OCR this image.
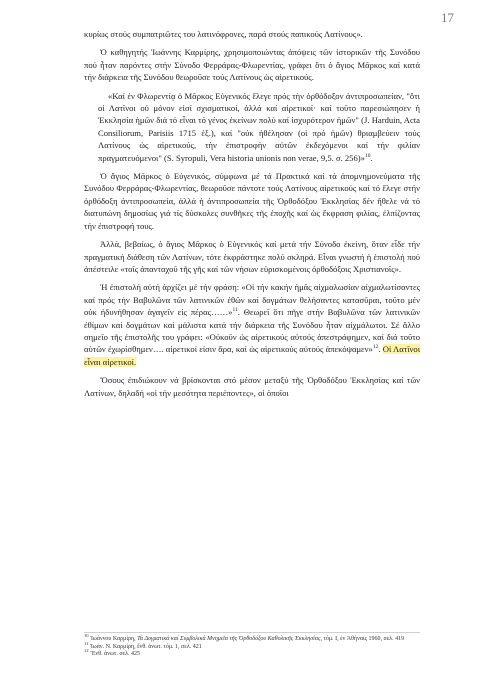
17

κυρίως στούς συμπατριῶτες του λατινόφρονες, παρά στούς παπικούς Λατίνους».

Ὁ καθηγητής Ἰωάννης Καρμίρης, χρησιμοποιώντας ἀπόψεις τῶν ἱστορικῶν τῆς Συνόδου πού ἦταν παρόντες στήν Σύνοδο Φερράρας-Φλωρεντίας, γράφει ὅτι ὁ ἅγιος Μᾶρκος καί κατά τήν διάρκεια τῆς Συνόδου θεωροῦσε τούς Λατίνους ὡς αἱρετικούς.

«Καί ἐν Φλωρεντίᾳ ὁ Μᾶρκος Εὐγενικός ἔλεγε πρός τὴν ὀρθόδοξον ἀντιπροσωπείαν, "ὅτι οἱ Λατῖνοι οὐ μόνον εἰσί σχισματικοί, ἀλλά καί αἱρετικοί· καί τοῦτο παρεσιώπησεν ἡ Ἐκκλησία ἡμῶν διά τό εἶναι τό γένος ἐκείνων πολύ καί ἰσχυρότερον ἡμῶν" (J. Harduin, Acta Consiliorum, Parisiis 1715 ἑξ.), καί "οὐκ ἠθέλησαν (οἱ πρό ἡμῶν) θριαμβεύειν τούς Λατίνους ὡς αἱρετικούς, τὴν ἐπιστροφὴν αὐτῶν ἐκδεχόμενοι καί τήν φιλίαν πραγματευόμενοι" (S. Syropuli, Vera historia unionis non verae, 9,5. σ. 256)»$^{10}$.

Ὁ ἅγιος Μᾶρκος ὁ Εὐγενικός, σύμφωνα μέ τά Πρακτικά καί τά ἀπομνημονεύματα τῆς Συνόδου Φερράρας-Φλωρεντίας, θεωροῦσε πάντοτε τούς Λατίνους αἱρετικούς καί τό ἔλεγε στήν ὀρθόδοξη ἀντιπροσωπεία, ἀλλά ἡ ἀντιπροσωπεία τῆς Ὀρθοδόξου Ἐκκλησίας δέν ἤθελε νά τό διατυπώνη δημοσίως γιά τίς δύσκολες συνθῆκες τῆς ἐποχῆς καί ὡς ἔκφραση φιλίας, ἐλπίζοντας τήν ἐπιστροφή τους.

Ἀλλά, βεβαίως, ὁ ἅγιος Μᾶρκος ὁ Εὐγενικός καί μετά τήν Σύνοδο ἐκείνη, ὅταν εἶδε τήν πραγματική διάθεση τῶν Λατίνων, τότε ἐκφράστηκε πολύ σκληρά. Εἶναι γνωστή ἡ ἐπιστολή πού ἀπέστειλε «τοῖς ἁπανταχοῦ τῆς γῆς καί τῶν νήσων εὑρισκομένοις ὀρθοδόξοις Χριστιανοῖς».

Ἡ ἐπιστολή αὐτή ἀρχίζει μέ τήν φράση: «Οἱ τήν κακήν ἡμᾶς αἰχμαλωσίαν αἰχμαλωτίσαντες καί πρός τήν Βαβυλῶνα τῶν λατινικῶν ἐθῶν καί δογμάτων θελήσαντες κατασῦραι, τοῦτο μέν οὐκ ἠδυνήθησαν ἀγαγεῖν εἰς πέρας……»$^{11}$. Θεωρεῖ ὅτι πῆγε στήν Βαβυλῶνα τῶν λατινικῶν ἐθίμων καί δογμάτων καί μάλιστα κατά τήν διάρκεια τῆς Συνόδου ἦταν αἰχμάλωτοι. Σέ ἄλλο σημεῖο τῆς ἐπιστολῆς του γράφει: «Οὐκοῦν ὡς αἱρετικούς αὐτούς ἀπεστράφημεν, καί διά τοῦτο αὐτῶν ἐχωρίσθημεν…. αἱρετικοί εἰσιν ἄρα, καί ὡς αἱρετικούς αὐτούς ἀπεκόψαμεν»$^{12}$. Οἱ Λατῖνοι εἶναι αἱρετικοί.

Ὅσους ἐπιδιώκουν νά βρίσκονται στό μέσον μεταξύ τῆς Ὀρθοδόξου Ἐκκλησίας καί τῶν Λατίνων, δηλαδή «οἱ τήν μεσότητα περιέποντες», οἱ ὁποῖοι

$^{10}$ Ἰωάννου Καρμίρη, Τά Δογματικά καί Συμβολικά Μνημεῖα τῆς Ὀρθοδόξου Καθολικῆς Ἐκκλησίας, τόμ. Ι, ἐν Ἀθήναις 1960, σελ. 419
$^{11}$ Ἰωάν. Ν. Καρμίρη, ἔνθ. ἀνωτ. τόμ. 1, σελ. 421
$^{12}$ Ἔνθ. ἀνωτ. σελ. 425
